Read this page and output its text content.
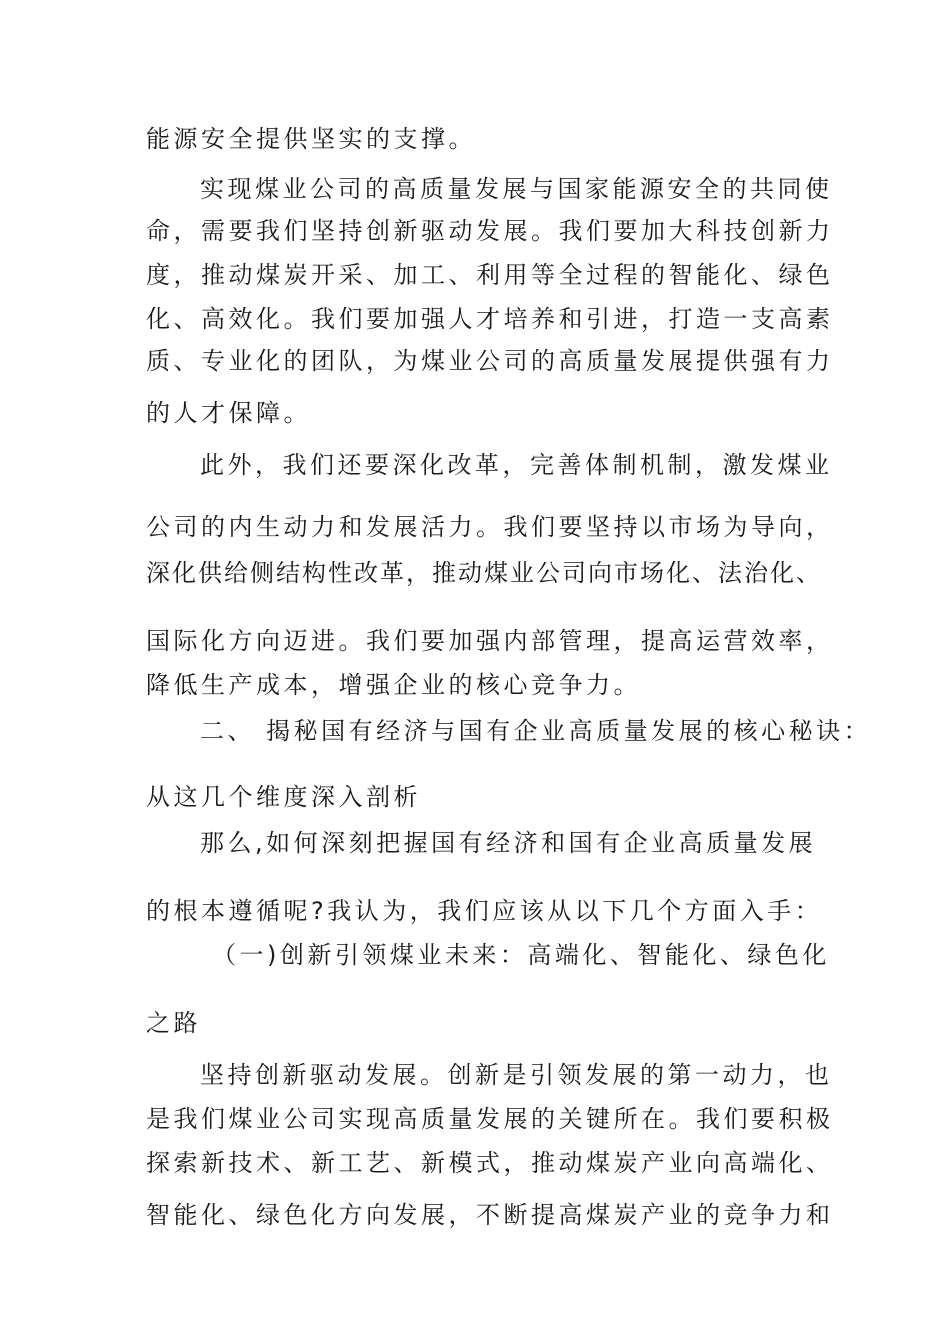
能源安全提供坚实的支撑。
实现煤业公司的高质量发展与国家能源安全的共同使
命，需要我们坚持创新驱动发展。我们要加大科技创新力
度，推动煤炭开采、加工、利用等全过程的智能化、绿色
化、高效化。我们要加强人才培养和引进，打造一支高素
质、专业化的团队，为煤业公司的高质量发展提供强有力
的人才保障。
此外，我们还要深化改革，完善体制机制，激发煤业
公司的内生动力和发展活力。我们要坚持以市场为导向，
深化供给侧结构性改革，推动煤业公司向市场化、法治化、
国际化方向迈进。我们要加强内部管理，提高运营效率，
降低生产成本，增强企业的核心竞争力。
二、 揭秘国有经济与国有企业高质量发展的核心秘诀：
从这几个维度深入剖析
那么,如何深刻把握国有经济和国有企业高质量发展
的根本遵循呢?我认为，我们应该从以下几个方面入手：
（一)创新引领煤业未来：高端化、智能化、绿色化
之路
坚持创新驱动发展。创新是引领发展的第一动力，也
是我们煤业公司实现高质量发展的关键所在。我们要积极
探索新技术、新工艺、新模式，推动煤炭产业向高端化、
智能化、绿色化方向发展，不断提高煤炭产业的竞争力和
